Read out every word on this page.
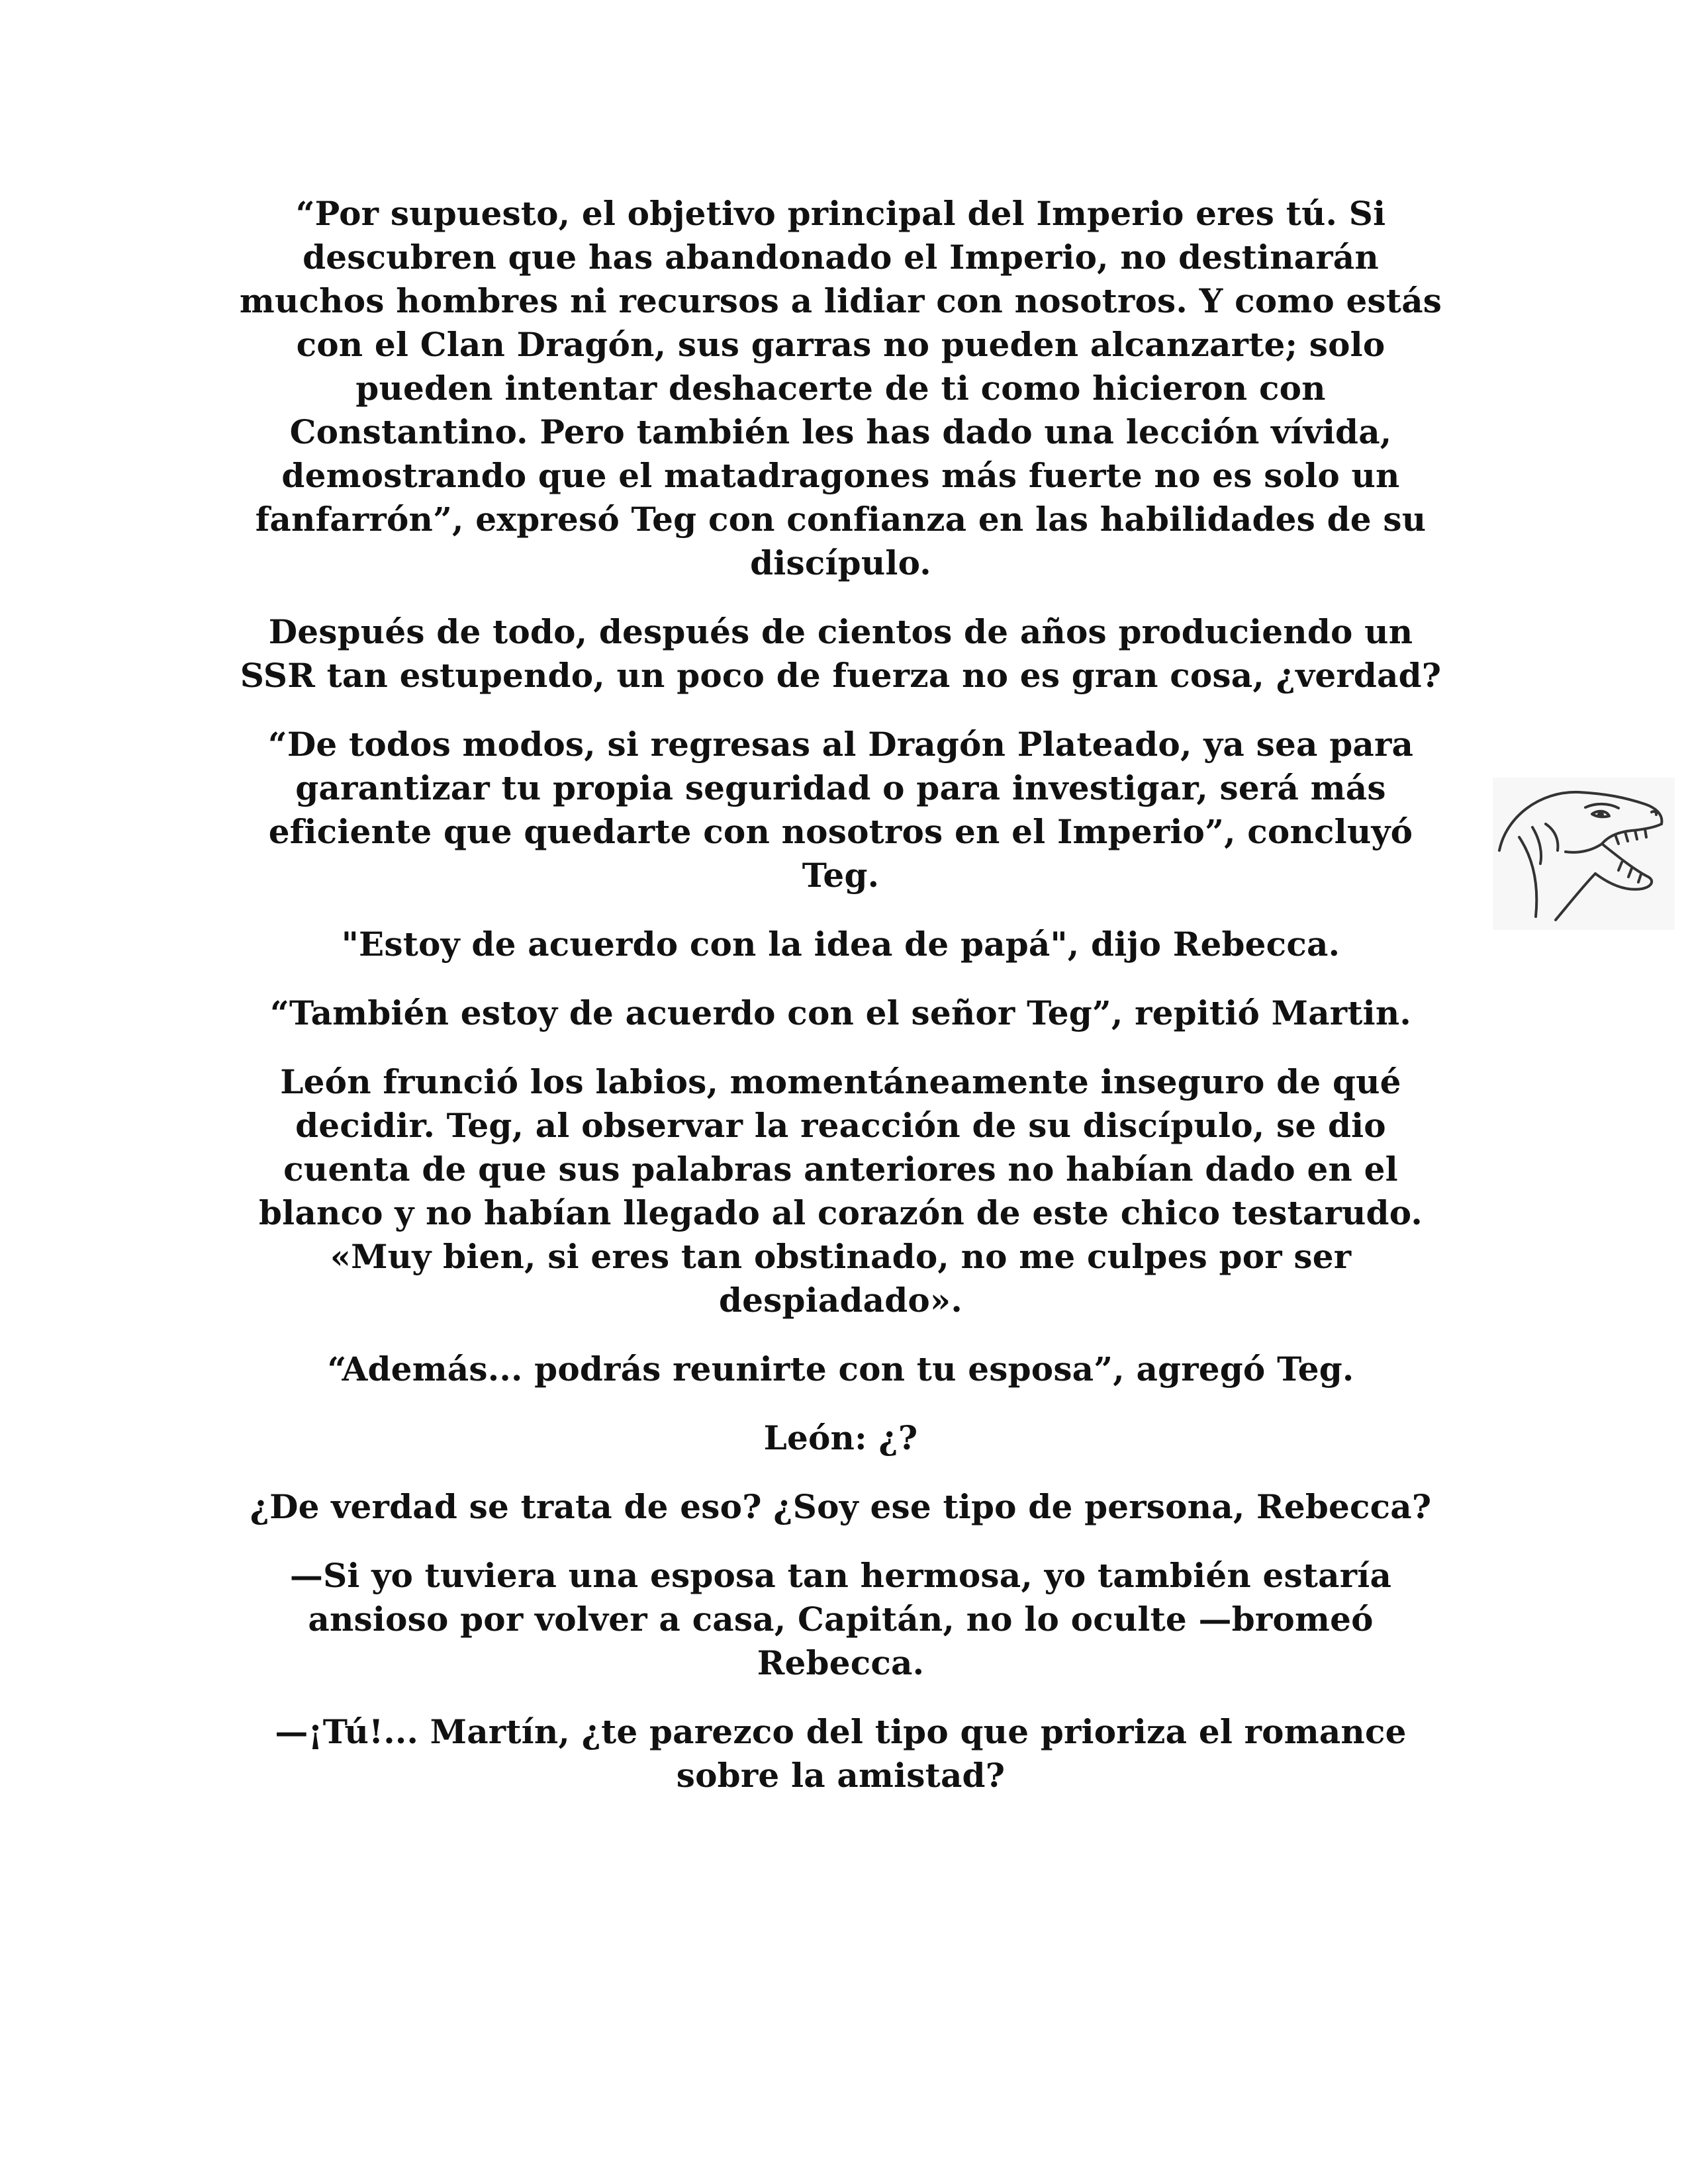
“Por supuesto, el objetivo principal del Imperio eres tú. Si descubren que has abandonado el Imperio, no destinarán muchos hombres ni recursos a lidiar con nosotros. Y como estás con el Clan Dragón, sus garras no pueden alcanzarte; solo pueden intentar deshacerte de ti como hicieron con Constantino. Pero también les has dado una lección vívida, demostrando que el matadragones más fuerte no es solo un fanfarrón”, expresó Teg con confianza en las habilidades de su discípulo.

Después de todo, después de cientos de años produciendo un SSR tan estupendo, un poco de fuerza no es gran cosa, ¿verdad?

“De todos modos, si regresas al Dragón Plateado, ya sea para garantizar tu propia seguridad o para investigar, será más eficiente que quedarte con nosotros en el Imperio”, concluyó Teg.

"Estoy de acuerdo con la idea de papá", dijo Rebecca.

“También estoy de acuerdo con el señor Teg”, repitió Martin.

León frunció los labios, momentáneamente inseguro de qué decidir. Teg, al observar la reacción de su discípulo, se dio cuenta de que sus palabras anteriores no habían dado en el blanco y no habían llegado al corazón de este chico testarudo. «Muy bien, si eres tan obstinado, no me culpes por ser despiadado».

“Además... podrás reunirte con tu esposa”, agregó Teg.

León: ¿?

¿De verdad se trata de eso? ¿Soy ese tipo de persona, Rebecca?

—Si yo tuviera una esposa tan hermosa, yo también estaría ansioso por volver a casa, Capitán, no lo oculte —bromeó Rebecca.

—¡Tú!... Martín, ¿te parezco del tipo que prioriza el romance sobre la amistad?
